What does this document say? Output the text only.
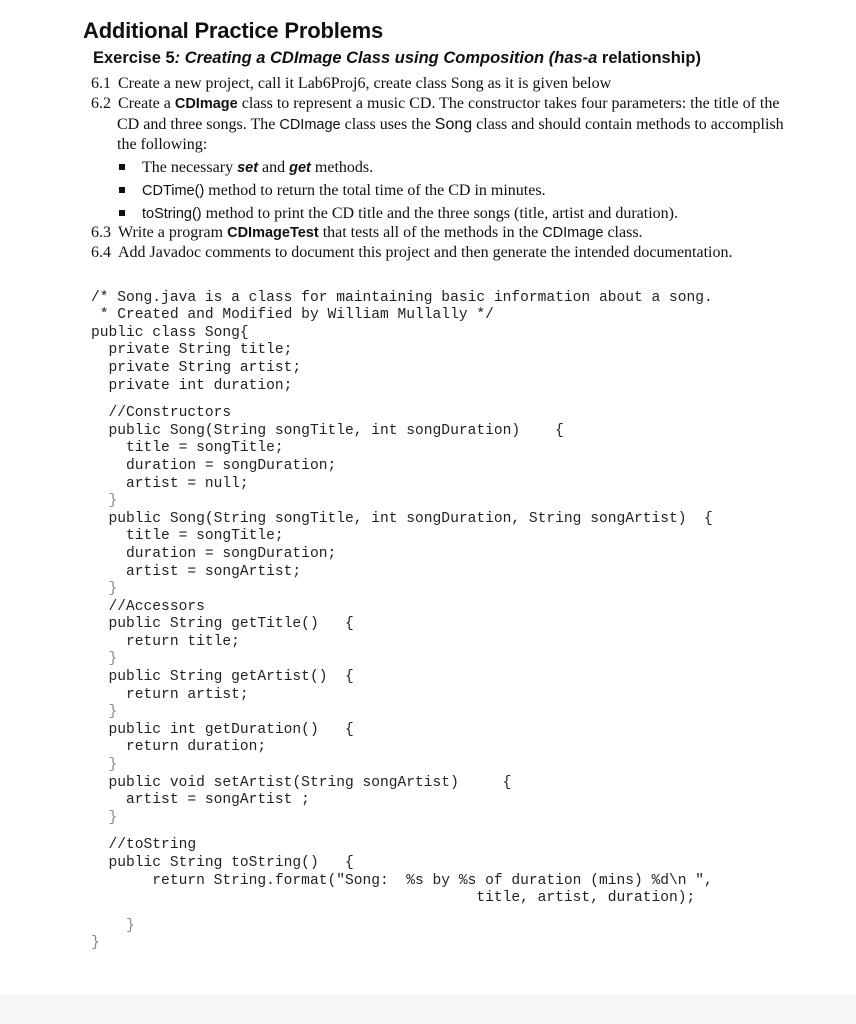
Additional Practice Problems
Exercise 5: Creating a CDImage Class using Composition (has-a relationship)

6.1 Create a new project, call it Lab6Proj6, create class Song as it is given below

6.2 Create a CDImage class to represent a music CD. The constructor takes four parameters: the title of the

CD and three songs. The CDImage class uses the Song class and should contain methods to accomplish

the following:

The necessary set and get methods.

CDTime() method to return the total time of the CD in minutes.

toString() method to print the CD title and the three songs (title, artist and duration).

6.3 Write a program CDImageTest that tests all of the methods in the CDImage class.

6.4 Add Javadoc comments to document this project and then generate the intended documentation.

/* Song.java is a class for maintaining basic information about a song.
* Created and Modified by William Mullally */
public class Song{
private String title;
private String artist;
private int duration;
//Constructors
public Song(String songTitle, int songDuration)    {
title = songTitle;
duration = songDuration;
artist = null;
}
public Song(String songTitle, int songDuration, String songArtist)  {
title = songTitle;
duration = songDuration;
artist = songArtist;
}
//Accessors
public String getTitle()   {
return title;
}
public String getArtist()  {
return artist;
}
public int getDuration()   {
return duration;
}
public void setArtist(String songArtist)     {
artist = songArtist ;
}
//toString
public String toString()   {
return String.format("Song:  %s by %s of duration (mins) %d\n ",
title, artist, duration);
}
}
